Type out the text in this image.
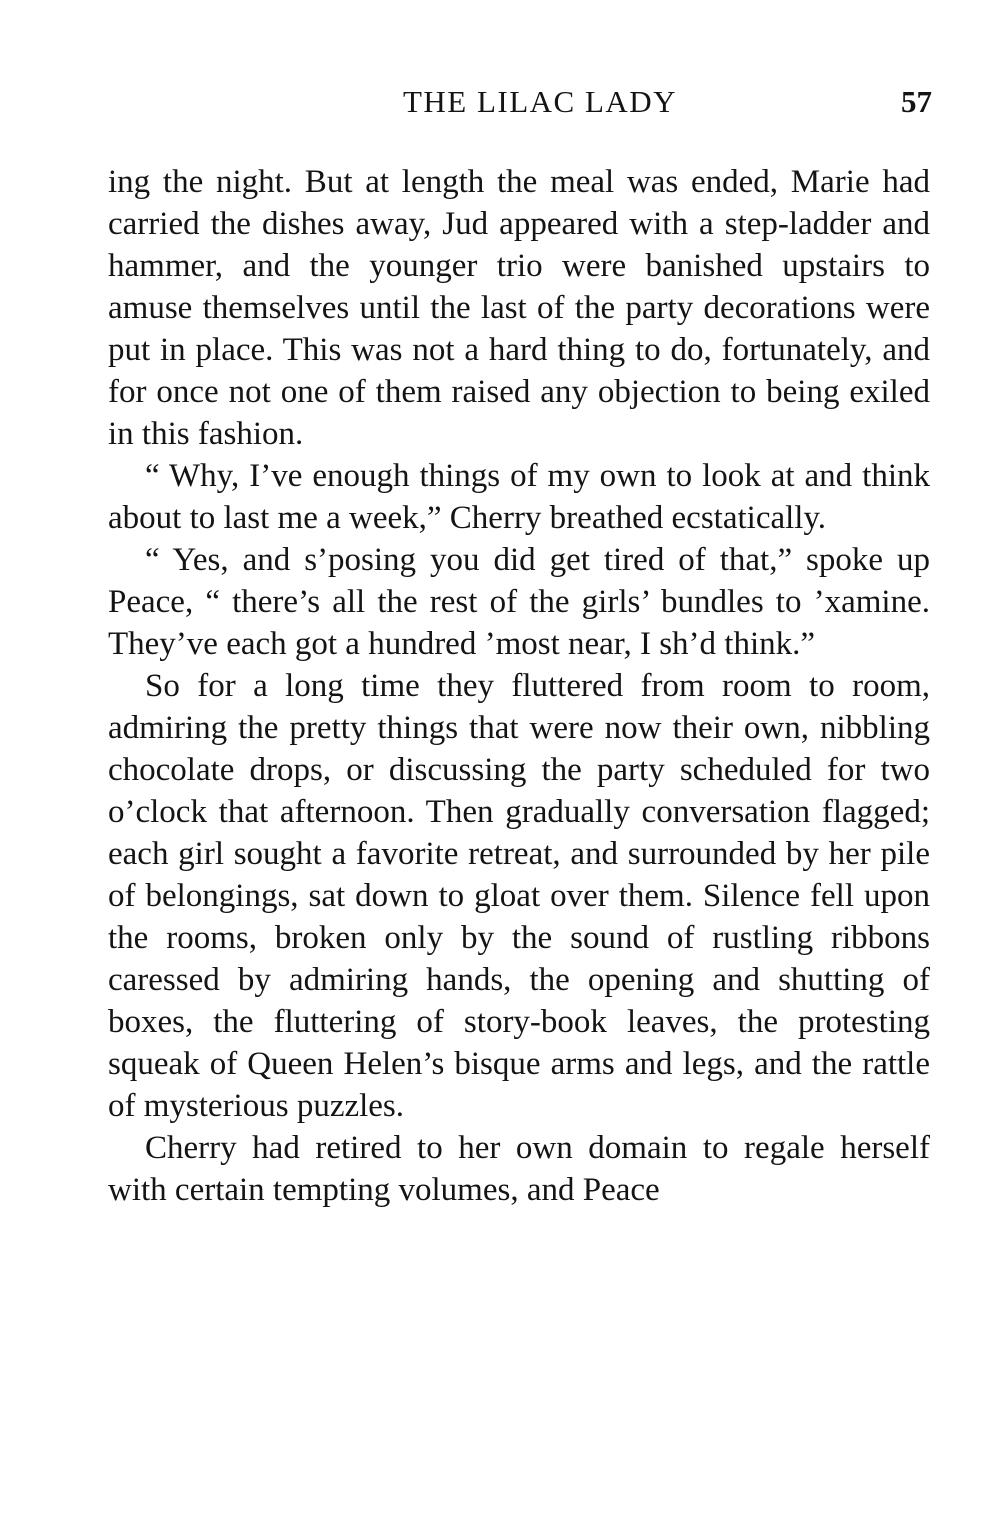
THE LILAC LADY	57

ing the night. But at length the meal was ended, Marie had carried the dishes away, Jud appeared with a step-ladder and hammer, and the younger trio were banished upstairs to amuse themselves until the last of the party decorations were put in place. This was not a hard thing to do, fortunately, and for once not one of them raised any objection to being exiled in this fashion.

“ Why, I’ve enough things of my own to look at and think about to last me a week,” Cherry breathed ecstatically.

“ Yes, and s’posing you did get tired of that,” spoke up Peace, “ there’s all the rest of the girls’ bundles to ’xamine. They’ve each got a hundred ’most near, I sh’d think.”

So for a long time they fluttered from room to room, admiring the pretty things that were now their own, nibbling chocolate drops, or discussing the party scheduled for two o’clock that afternoon. Then gradually conversation flagged; each girl sought a favorite retreat, and surrounded by her pile of belongings, sat down to gloat over them. Silence fell upon the rooms, broken only by the sound of rustling ribbons caressed by admiring hands, the opening and shutting of boxes, the fluttering of story-book leaves, the protesting squeak of Queen Helen’s bisque arms and legs, and the rattle of mysterious puzzles.

Cherry had retired to her own domain to regale herself with certain tempting volumes, and Peace
